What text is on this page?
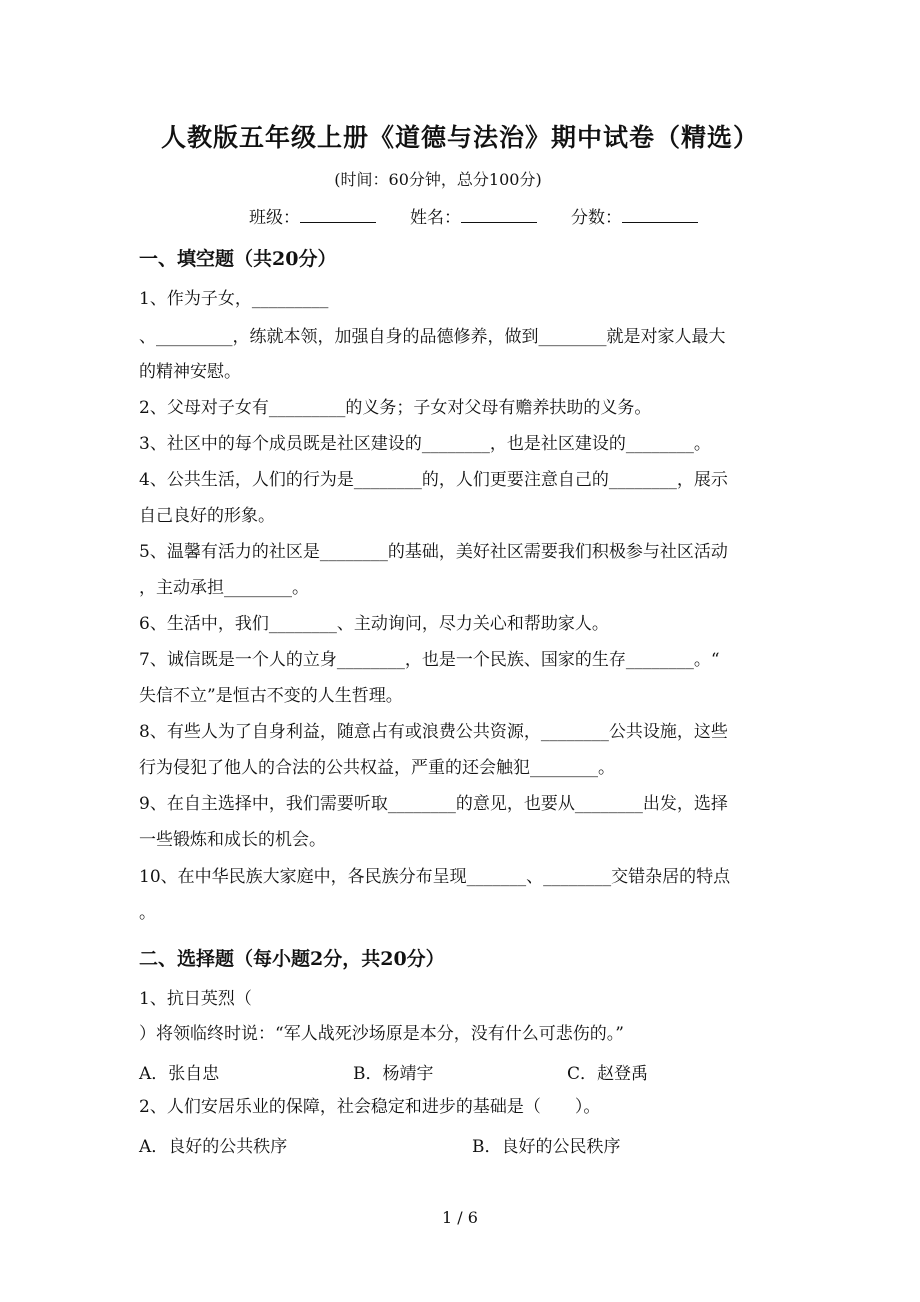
人教版五年级上册《道德与法治》期中试卷（精选）
(时间：60分钟，总分100分)
班级：	姓名：	分数：
一、填空题（共20分）
1、作为子女，_________
、_________，练就本领，加强自身的品德修养，做到________就是对家人最大
的精神安慰。
2、父母对子女有_________的义务；子女对父母有赡养扶助的义务。
3、社区中的每个成员既是社区建设的________，也是社区建设的________。
4、公共生活，人们的行为是________的，人们更要注意自己的________，展示
自己良好的形象。
5、温馨有活力的社区是________的基础，美好社区需要我们积极参与社区活动
，主动承担________。
6、生活中，我们________、主动询问，尽力关心和帮助家人。
7、诚信既是一个人的立身________，也是一个民族、国家的生存________。“
失信不立”是恒古不变的人生哲理。
8、有些人为了自身利益，随意占有或浪费公共资源，________公共设施，这些
行为侵犯了他人的合法的公共权益，严重的还会触犯________。
9、在自主选择中，我们需要听取________的意见，也要从________出发，选择
一些锻炼和成长的机会。
10、在中华民族大家庭中，各民族分布呈现_______、________交错杂居的特点
。
二、选择题（每小题2分，共20分）
1、抗日英烈（
）将领临终时说：“军人战死沙场原是本分，没有什么可悲伤的。”
A．张自忠	B．杨靖宇	C．赵登禹
2、人们安居乐业的保障，社会稳定和进步的基础是（　　）。
A．良好的公共秩序	B．良好的公民秩序
1 / 6
